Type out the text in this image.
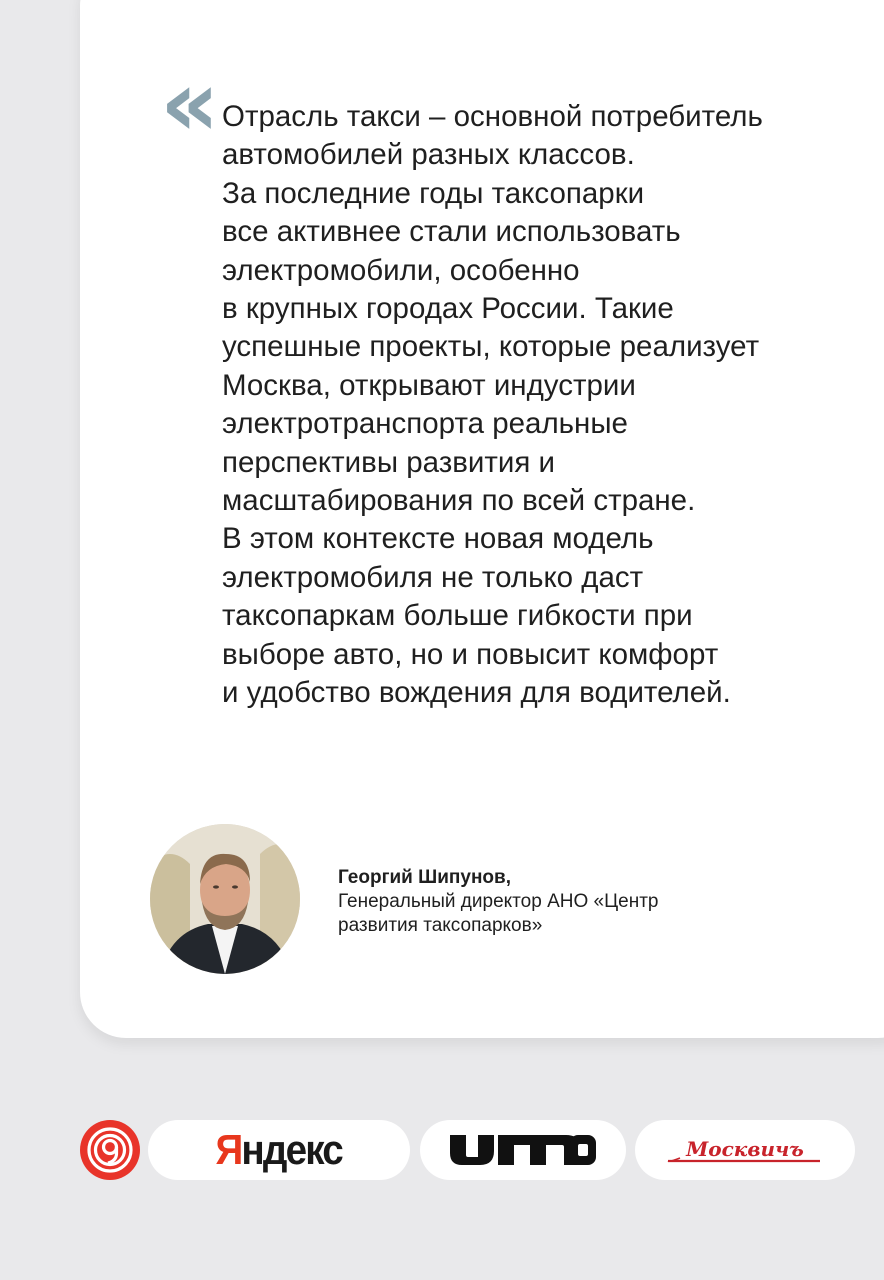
« Отрасль такси – основной потребитель
автомобилей разных классов.
За последние годы таксопарки
все активнее стали использовать
электромобили, особенно
в крупных городах России. Такие
успешные проекты, которые реализует
Москва, открывают индустрии
электротранспорта реальные
перспективы развития и
масштабирования по всей стране.
В этом контексте новая модель
электромобиля не только даст
таксопаркам больше гибкости при
выборе авто, но и повысит комфорт
и удобство вождения для водителей.
Георгий Шипунов,
Генеральный директор АНО «Центр
развития таксопарков»
Яндекс	Москвичъ
